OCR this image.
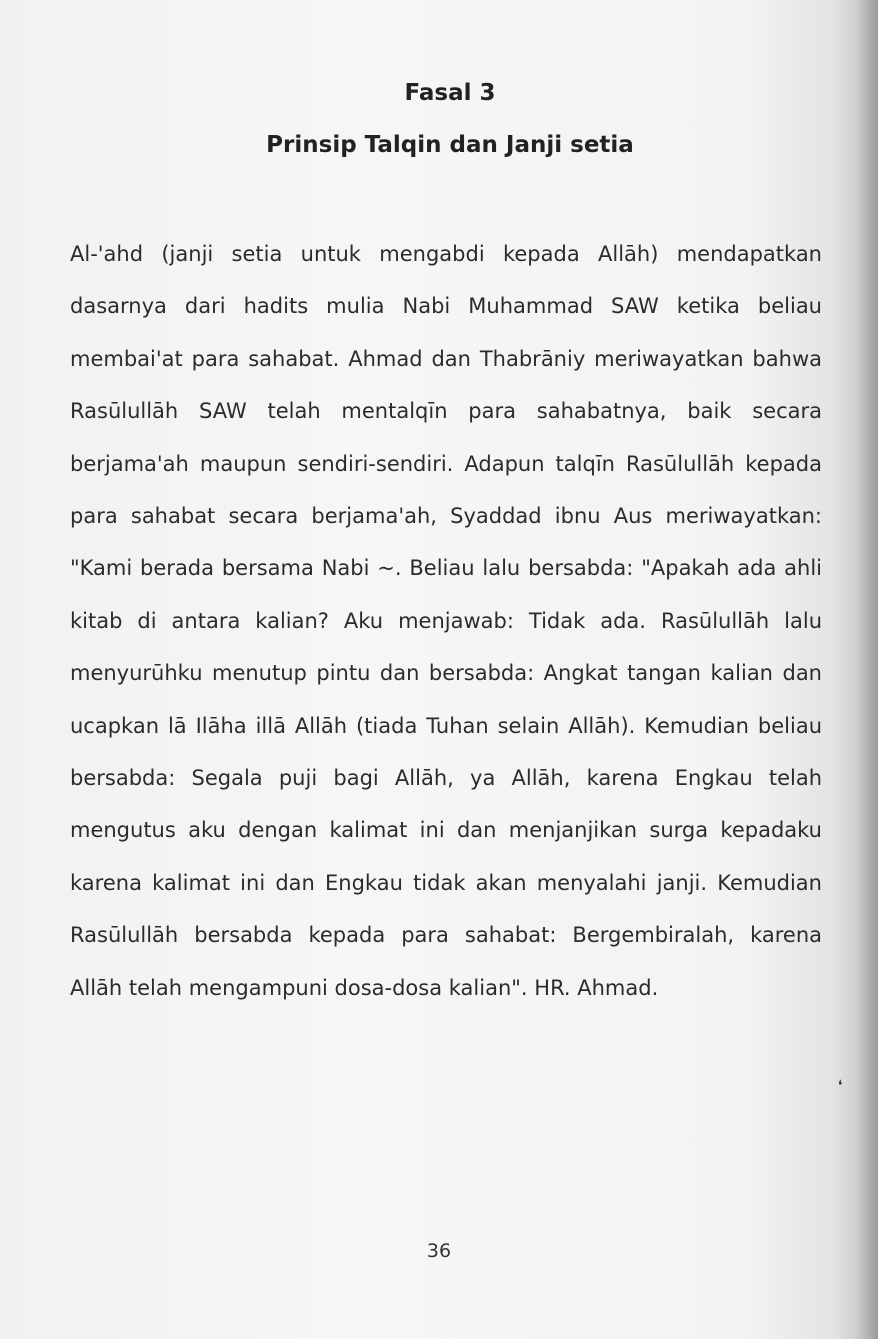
Fasal 3
Prinsip Talqin dan Janji setia

Al-'ahd (janji setia untuk mengabdi kepada Allāh) mendapatkan dasarnya dari hadits mulia Nabi Muhammad SAW ketika beliau membai'at para sahabat. Ahmad dan Thabrāniy meriwayatkan bahwa Rasūlullāh SAW telah mentalqīn para sahabatnya, baik secara berjama'ah maupun sendiri-sendiri. Adapun talqīn Rasūlullāh kepada para sahabat secara berjama'ah, Syaddad ibnu Aus meriwayatkan: "Kami berada bersama Nabi ~. Beliau lalu bersabda: "Apakah ada ahli kitab di antara kalian? Aku menjawab: Tidak ada. Rasūlullāh lalu menyurūhku menutup pintu dan bersabda: Angkat tangan kalian dan ucapkan lā Ilāha illā Allāh (tiada Tuhan selain Allāh). Kemudian beliau bersabda: Segala puji bagi Allāh, ya Allāh, karena Engkau telah mengutus aku dengan kalimat ini dan menjanjikan surga kepadaku karena kalimat ini dan Engkau tidak akan menyalahi janji. Kemudian Rasūlullāh bersabda kepada para sahabat: Bergembiralah, karena Allāh telah mengampuni dosa-dosa kalian". HR. Ahmad.

❛
36
